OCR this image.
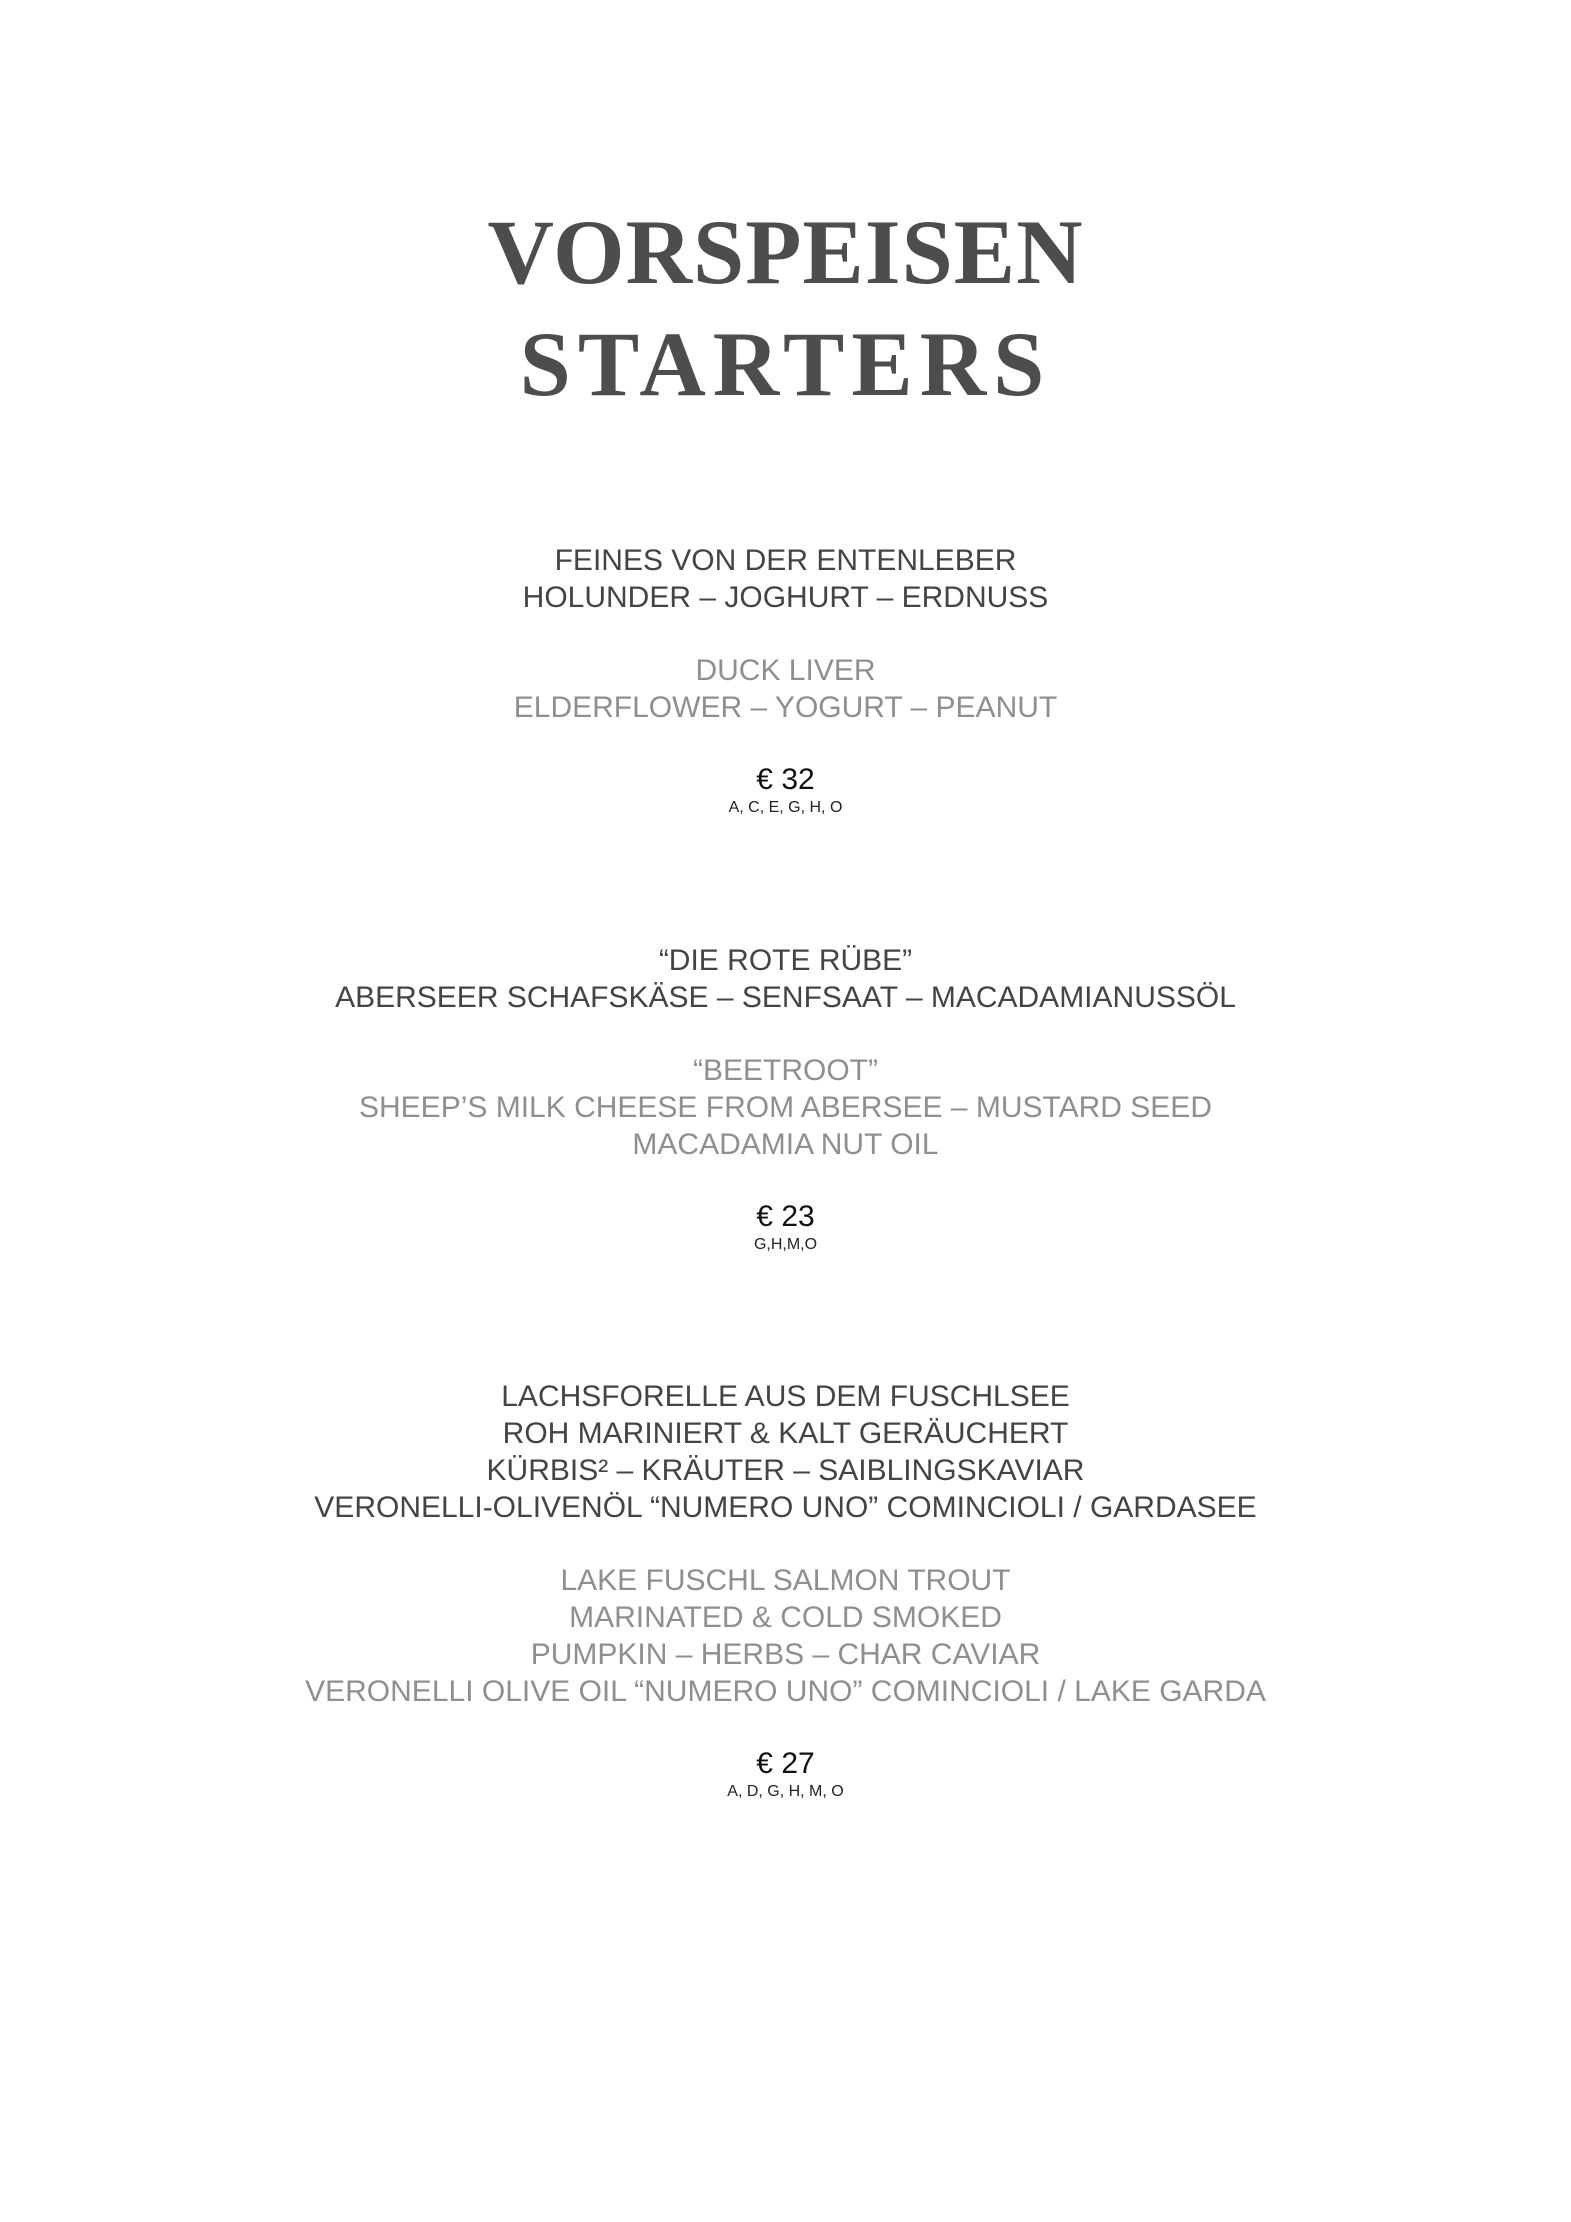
VORSPEISEN
STARTERS
FEINES VON DER ENTENLEBER
HOLUNDER – JOGHURT – ERDNUSS
DUCK LIVER
ELDERFLOWER – YOGURT – PEANUT
€ 32
A, C, E, G, H, O
“DIE ROTE RÜBE”
ABERSEER SCHAFSKÄSE – SENFSAAT – MACADAMIANUSSÖL
“BEETROOT”
SHEEP’S MILK CHEESE FROM ABERSEE – MUSTARD SEED
MACADAMIA NUT OIL
€ 23
G,H,M,O
LACHSFORELLE AUS DEM FUSCHLSEE
ROH MARINIERT & KALT GERÄUCHERT
KÜRBIS² – KRÄUTER – SAIBLINGSKAVIAR
VERONELLI-OLIVENÖL “NUMERO UNO” COMINCIOLI / GARDASEE
LAKE FUSCHL SALMON TROUT
MARINATED & COLD SMOKED
PUMPKIN – HERBS – CHAR CAVIAR
VERONELLI OLIVE OIL “NUMERO UNO” COMINCIOLI / LAKE GARDA
€ 27
A, D, G, H, M, O
